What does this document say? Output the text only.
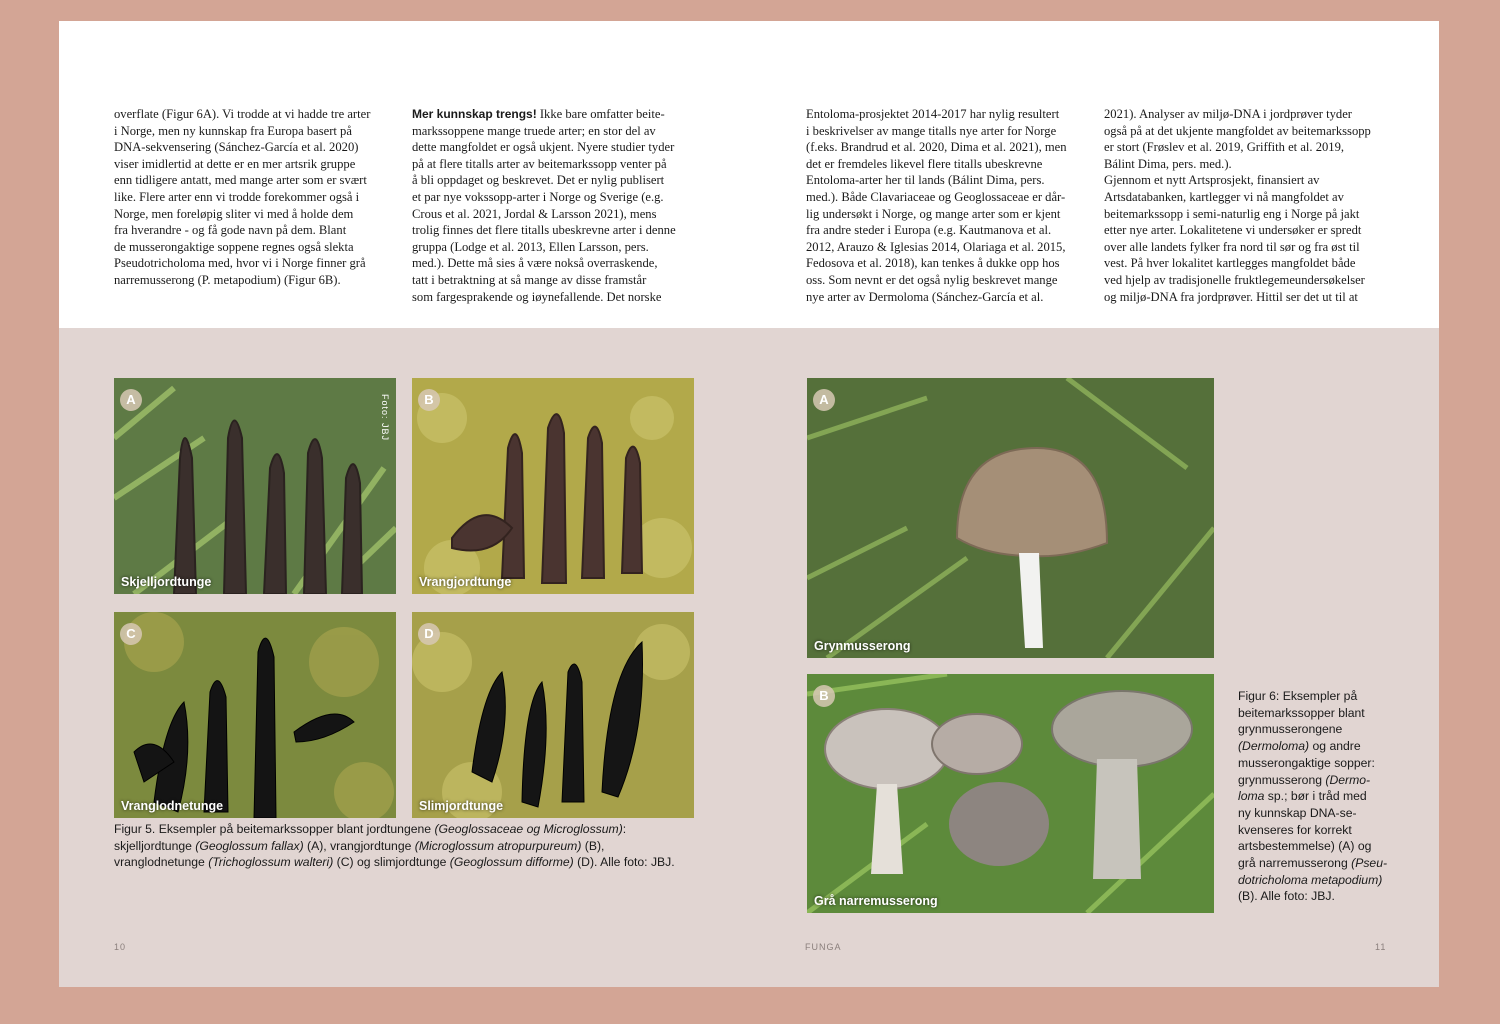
overflate (Figur 6A). Vi trodde at vi hadde tre arter
i Norge, men ny kunnskap fra Europa basert på
DNA-sekvensering (Sánchez-García et al. 2020)
viser imidlertid at dette er en mer artsrik gruppe
enn tidligere antatt, med mange arter som er svært
like. Flere arter enn vi trodde forekommer også i
Norge, men foreløpig sliter vi med å holde dem
fra hverandre - og få gode navn på dem. Blant
de musserongaktige soppene regnes også slekta
Pseudotricholoma med, hvor vi i Norge finner grå
narremusserong (P. metapodium) (Figur 6B).
Mer kunnskap trengs! Ikke bare omfatter beite-
markssoppene mange truede arter; en stor del av
dette mangfoldet er også ukjent. Nyere studier tyder
på at flere titalls arter av beitemarkssopp venter på
å bli oppdaget og beskrevet. Det er nylig publisert
et par nye vokssopp-arter i Norge og Sverige (e.g.
Crous et al. 2021, Jordal & Larsson 2021), mens
trolig finnes det flere titalls ubeskrevne arter i denne
gruppa (Lodge et al. 2013, Ellen Larsson, pers.
med.). Dette må sies å være nokså overraskende,
tatt i betraktning at så mange av disse framstår
som fargesprakende og iøynefallende. Det norske
Entoloma-prosjektet 2014-2017 har nylig resultert
i beskrivelser av mange titalls nye arter for Norge
(f.eks. Brandrud et al. 2020, Dima et al. 2021), men
det er fremdeles likevel flere titalls ubeskrevne
Entoloma-arter her til lands (Bálint Dima, pers.
med.). Både Clavariaceae og Geoglossaceae er dår-
lig undersøkt i Norge, og mange arter som er kjent
fra andre steder i Europa (e.g. Kautmanova et al.
2012, Arauzo & Iglesias 2014, Olariaga et al. 2015,
Fedosova et al. 2018), kan tenkes å dukke opp hos
oss. Som nevnt er det også nylig beskrevet mange
nye arter av Dermoloma (Sánchez-García et al.
2021). Analyser av miljø-DNA i jordprøver tyder
også på at det ukjente mangfoldet av beitemarkssopp
er stort (Frøslev et al. 2019, Griffith et al. 2019,
Bálint Dima, pers. med.).
Gjennom et nytt Artsprosjekt, finansiert av
Artsdatabanken, kartlegger vi nå mangfoldet av
beitemarkssopp i semi-naturlig eng i Norge på jakt
etter nye arter. Lokalitetene vi undersøker er spredt
over alle landets fylker fra nord til sør og fra øst til
vest. På hver lokalitet kartlegges mangfoldet både
ved hjelp av tradisjonelle fruktlegemeundersøkelser
og miljø-DNA fra jordprøver. Hittil ser det ut til at
A	Foto: JBJ
Skjelljordtunge
B
Vrangjordtunge
C
Vranglodnetunge
D
Slimjordtunge
Figur 5. Eksempler på beitemarkssopper blant jordtungene (Geoglossaceae og Microglossum):
skjelljordtunge (Geoglossum fallax) (A), vrangjordtunge (Microglossum atropurpureum) (B),
vranglodnetunge (Trichoglossum walteri) (C) og slimjordtunge (Geoglossum difforme) (D). Alle foto: JBJ.
A
Grynmusserong
B
Grå narremusserong
Figur 6: Eksempler på
beitemarkssopper blant
grynmusserongene
(Dermoloma) og andre
musserongaktige sopper:
grynmusserong (Dermo-
loma sp.; bør i tråd med
ny kunnskap DNA-se-
kvenseres for korrekt
artsbestemmelse) (A) og
grå narremusserong (Pseu-
dotricholoma metapodium)
(B). Alle foto: JBJ.
10	FUNGA	11
